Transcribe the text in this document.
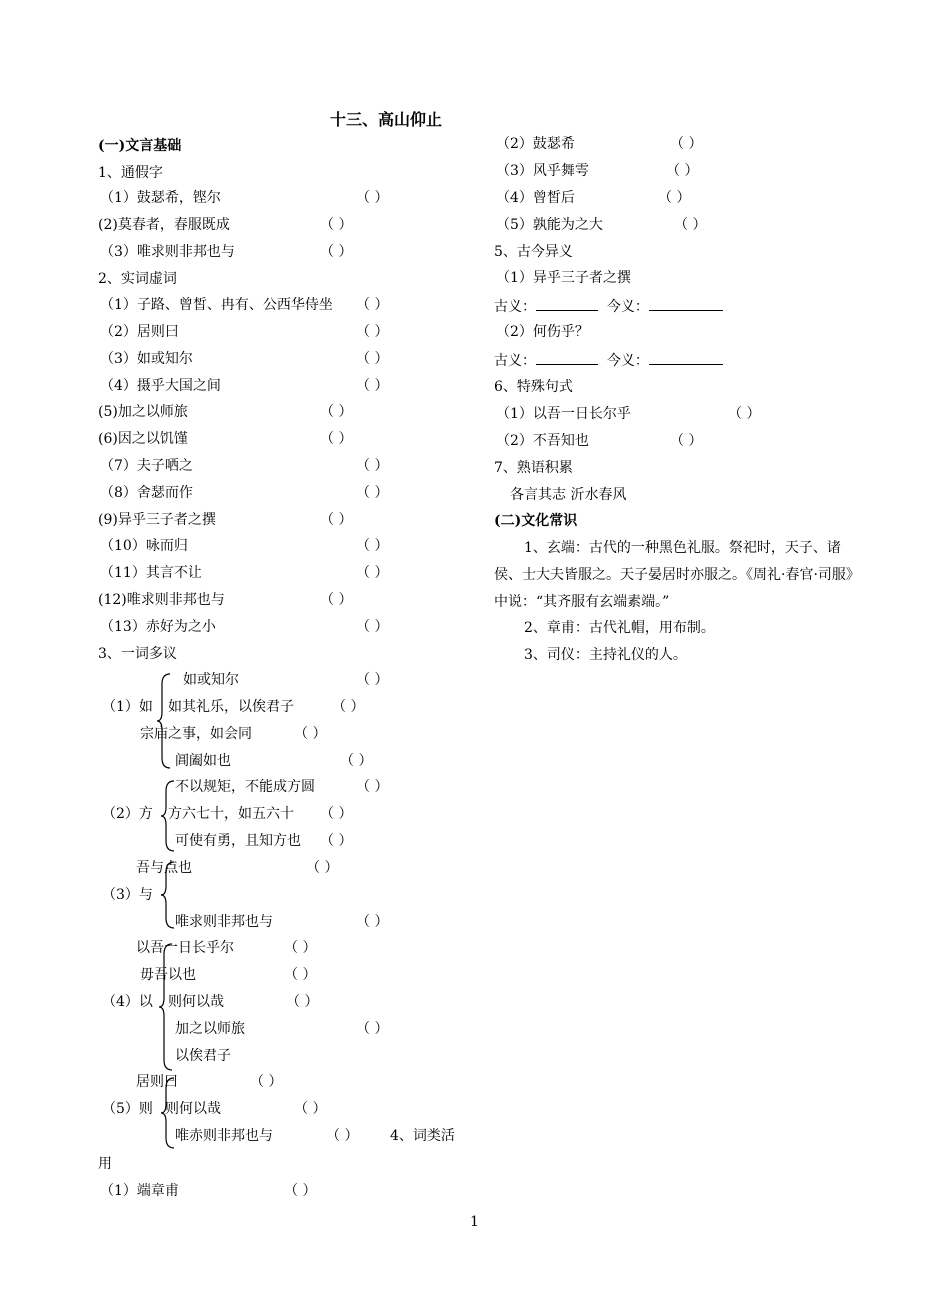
十三、高山仰止
(一)文言基础
1、通假字
（1）鼓瑟希，铿尔	（ ）
(2)莫春者，春服既成	（ ）
（3）唯求则非邦也与	（ ）
2、实词虚词
（1）子路、曾皙、冉有、公西华侍坐 （ ）
（2）居则曰	（ ）
（3）如或知尔	（ ）
（4）摄乎大国之间	（ ）
(5)加之以师旅	（ ）
(6)因之以饥馑	（ ）
（7）夫子哂之	（ ）
（8）舍瑟而作	（ ）
(9)异乎三子者之撰	（ ）
（10）咏而归	（ ）
（11）其言不让	（ ）
(12)唯求则非邦也与	（ ）
（13）赤好为之小	（ ）
3、一词多议
（1）如
如或知尔	（ ）
如其礼乐，以俟君子	（ ）
宗庙之事，如会同	（ ）
阊阖如也	（ ）
（2）方
不以规矩，不能成方圆	（ ）
方六七十，如五六十 （ ）
可使有勇，且知方也 （ ）
吾与点也	（ ）
（3）与
唯求则非邦也与	（ ）
以吾一日长乎尔	（ ）
毋吾以也	（ ）
（4）以 则何以哉	（ ）
加之以师旅	（ ）
以俟君子
居则曰	（ ）
（5）则 则何以哉	（ ）
唯赤则非邦也与	（ ） 4、词类活
用
（1）端章甫	（ ）
（2）鼓瑟希	（ ）
（3）风乎舞雩	（ ）
（4）曾皙后	（ ）
（5）孰能为之大	（ ）
5、古今异义
（1）异乎三子者之撰
古义：	今义：
（2）何伤乎？
古义：	今义：
6、特殊句式
（1）以吾一日长尔乎	（ ）
（2）不吾知也	（ ）
7、熟语积累
各言其志 沂水春风
(二)文化常识
1、玄端：古代的一种黑色礼服。祭祀时，天子、诸侯、士大夫皆服之。天子晏居时亦服之。《周礼·春官·司服》中说：“其齐服有玄端素端。”
2、章甫：古代礼帽，用布制。
3、司仪：主持礼仪的人。
1
